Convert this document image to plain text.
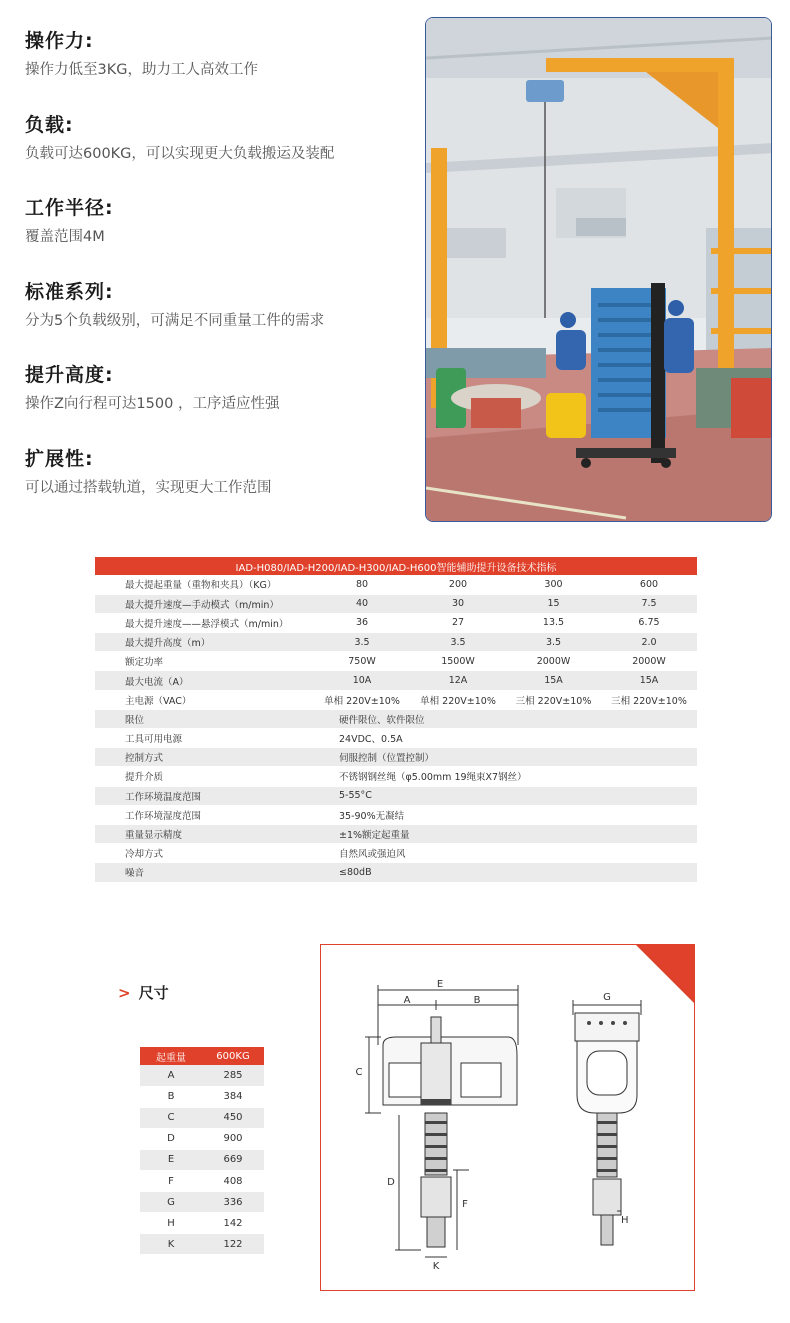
操作力:

操作力低至3KG，助力工人高效工作

负载:

负载可达600KG，可以实现更大负载搬运及装配

工作半径:

覆盖范围4M

标准系列:

分为5个负载级别，可满足不同重量工件的需求

提升高度:

操作Z向行程可达1500 ，工序适应性强

扩展性:

可以通过搭载轨道，实现更大工作范围

IAD-H080/IAD-H200/IAD-H300/IAD-H600智能辅助提升设备技术指标				
最大提起重量（重物和夹具）（KG）	80	200	300	600
最大提升速度—手动模式（m/min）	40	30	15	7.5
最大提升速度——悬浮模式（m/min）	36	27	13.5	6.75
最大提升高度（m）	3.5	3.5	3.5	2.0
额定功率	750W	1500W	2000W	2000W
最大电流（A）	10A	12A	15A	15A
主电源（VAC）	单相 220V±10%	单相 220V±10%	三相 220V±10%	三相 220V±10%
限位	硬件限位、软件限位			
工具可用电源	24VDC、0.5A			
控制方式	伺服控制（位置控制）			
提升介质	不锈钢钢丝绳（φ5.00mm 19绳束X7钢丝）			
工作环境温度范围	5-55°C			
工作环境湿度范围	35-90%无凝结			
重量显示精度	±1%额定起重量			
冷却方式	自然风或强迫风			
噪音	≤80dB			
> 尺寸
起重量	600KG
A	285
B	384
C	450
D	900
E	669
F	408
G	336
H	142
K	122
E
A	B
C
D
F
K
G
H
